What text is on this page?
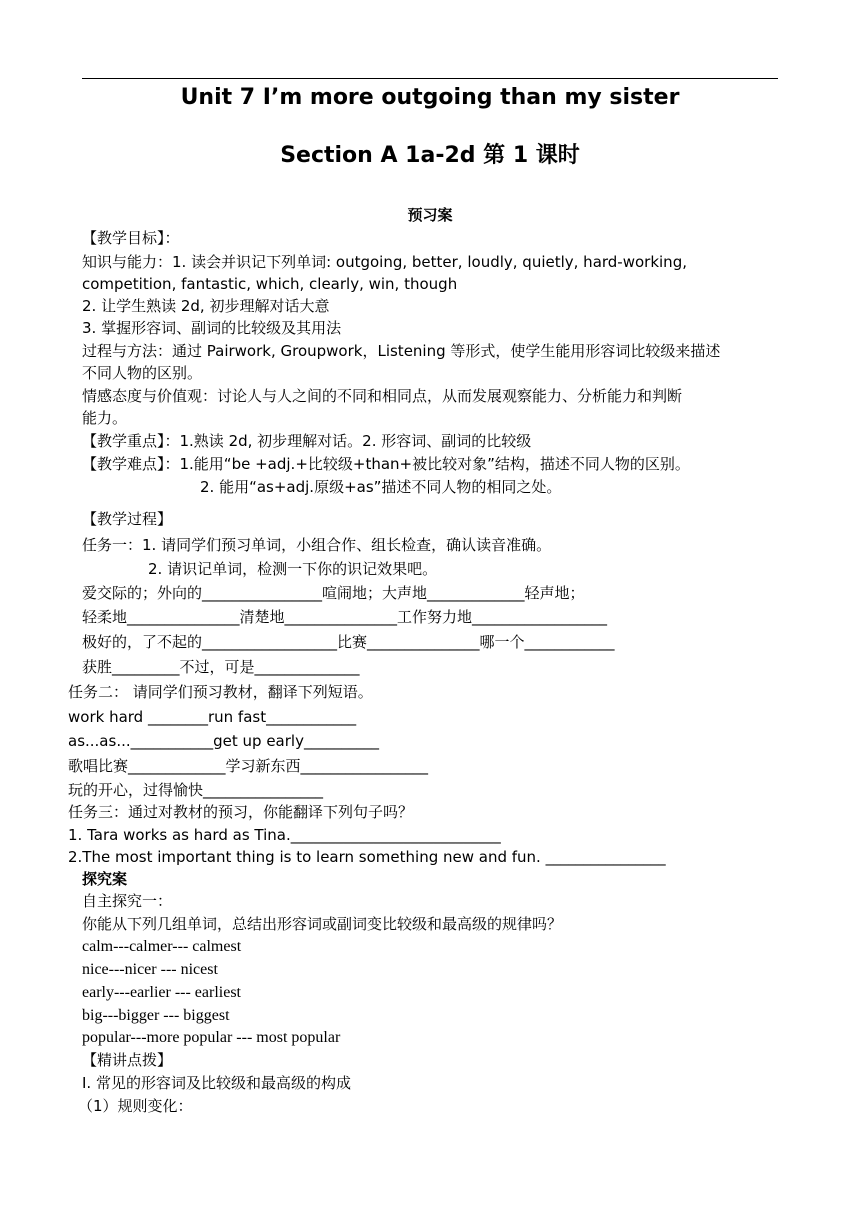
Unit 7 I’m more outgoing than my sister
Section A 1a-2d 第 1 课时
预习案
【教学目标】：
知识与能力：1. 读会并识记下列单词: outgoing, better, loudly, quietly, hard-working,
competition, fantastic, which, clearly, win, though
2. 让学生熟读 2d, 初步理解对话大意
3. 掌握形容词、副词的比较级及其用法
过程与方法：通过 Pairwork, Groupwork，Listening 等形式，使学生能用形容词比较级来描述
不同人物的区别。
情感态度与价值观：讨论人与人之间的不同和相同点，从而发展观察能力、分析能力和判断
能力。
【教学重点】：1.熟读 2d, 初步理解对话。2. 形容词、副词的比较级
【教学难点】：1.能用“be +adj.+比较级+than+被比较对象”结构，描述不同人物的区别。
2. 能用“as+adj.原级+as”描述不同人物的相同之处。
【教学过程】
任务一：1. 请同学们预习单词，小组合作、组长检查，确认读音准确。
2. 请识记单词，检测一下你的识记效果吧。
爱交际的；外向的________________喧闹地；大声地_____________轻声地；
轻柔地_______________清楚地_______________工作努力地__________________
极好的，了不起的__________________比赛_______________哪一个____________
获胜_________不过，可是______________
任务二： 请同学们预习教材，翻译下列短语。
work hard ________run fast____________
as...as...___________get up early__________
歌唱比赛_____________学习新东西_________________
玩的开心，过得愉快________________
任务三：通过对教材的预习，你能翻译下列句子吗？
1. Tara works as hard as Tina.____________________________
2.The most important thing is to learn something new and fun. ________________
探究案
自主探究一：
你能从下列几组单词，总结出形容词或副词变比较级和最高级的规律吗？
calm---calmer--- calmest
nice---nicer --- nicest
early---earlier --- earliest
big---bigger --- biggest
popular---more popular --- most popular
【精讲点拨】
Ⅰ. 常见的形容词及比较级和最高级的构成
（1）规则变化：
